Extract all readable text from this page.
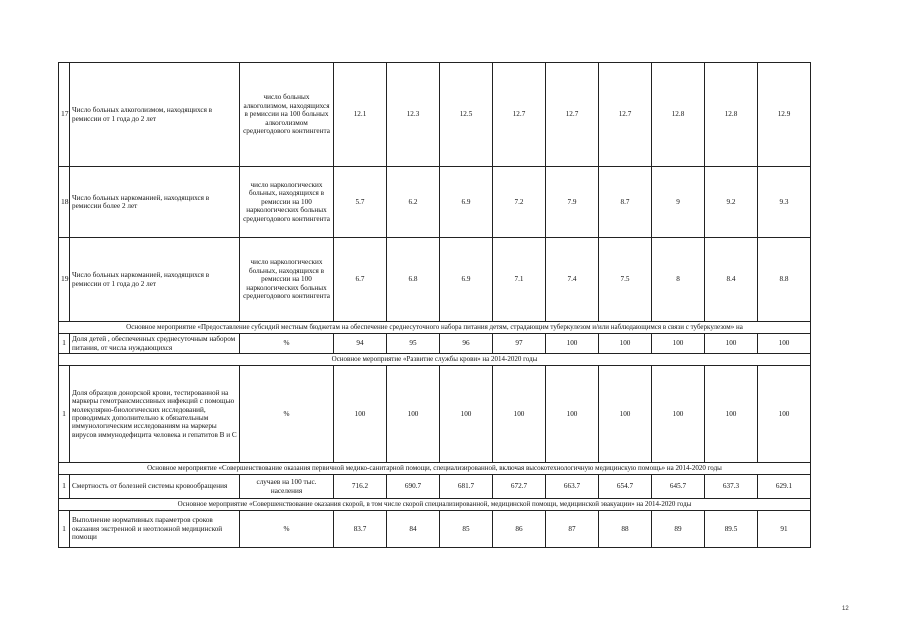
17	Число больных алкоголизмом, находящихся в ремиссии от 1 года до 2 лет	число больных алкоголизмом, находящихся в ремиссии на 100 больных алкоголизмом среднегодового контингента	12.1	12.3	12.5	12.7	12.7	12.7	12.8	12.8	12.9
18	Число больных наркоманией, находящихся в ремиссии более 2 лет	число наркологических больных, находящихся в ремиссии на 100 наркологических больных среднегодового контингента	5.7	6.2	6.9	7.2	7.9	8.7	9	9.2	9.3
19	Число больных наркоманией, находящихся в ремиссии от 1 года до 2 лет	число наркологических больных, находящихся в ремиссии на 100 наркологических больных среднегодового контингента	6.7	6.8	6.9	7.1	7.4	7.5	8	8.4	8.8
Основное мероприятие «Предоставление субсидий местным бюджетам на обеспечение среднесуточного набора питания детям, страдающим туберкулезом и/или наблюдающимся в связи с туберкулезом» на											
1	Доля детей , обеспеченных среднесуточным набором питания, от числа нуждающихся	%	94	95	96	97	100	100	100	100	100
Основное мероприятие «Развитие службы крови» на 2014-2020 годы											
1	Доля образцов донорской крови, тестированной на маркеры гемотрансмиссивных инфекций с помощью молекулярно-биологических исследований, проводимых дополнительно к обязательным иммунологическим исследованиям на маркеры вирусов иммунодефицита человека и гепатитов В и С	%	100	100	100	100	100	100	100	100	100
Основное мероприятие «Совершенствование оказания первичной медико-санитарной помощи, специализированной, включая высокотехнологичную медицинскую помощь» на 2014-2020 годы											
1	Смертность от болезней системы кровообращения	случаев на 100 тыс. населения	716.2	690.7	681.7	672.7	663.7	654.7	645.7	637.3	629.1
Основное мероприятие «Совершенствование оказания скорой, в том числе скорой специализированной, медицинской помощи, медицинской эвакуации» на 2014-2020 годы											
1	Выполнение нормативных параметров сроков оказания экстренной и неотложной медицинской помощи	%	83.7	84	85	86	87	88	89	89.5	91
12
